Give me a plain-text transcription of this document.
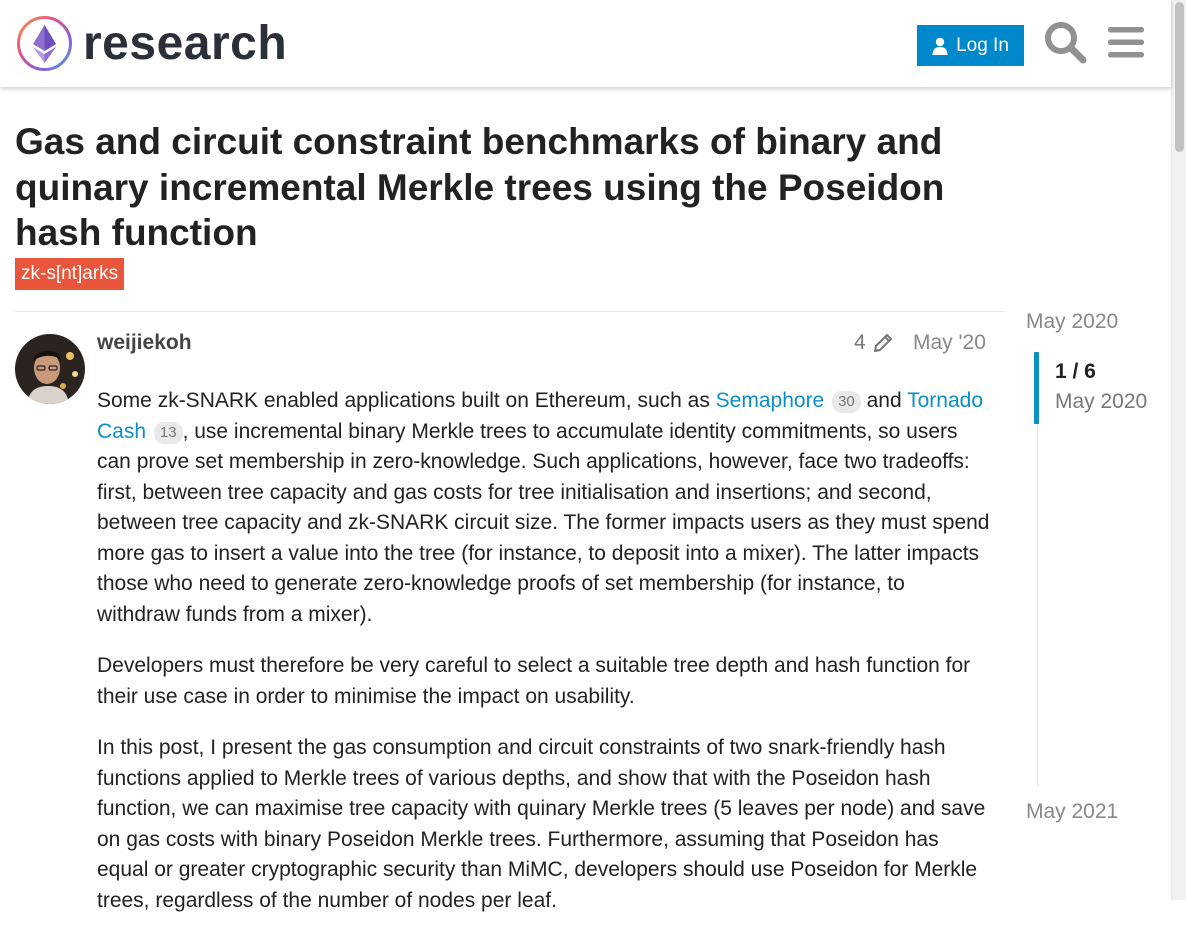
research	Log In
Gas and circuit constraint benchmarks of binary and quinary incremental Merkle trees using the Poseidon hash function
zk-s[nt]arks
weijiekoh	4 May '20

Some zk-SNARK enabled applications built on Ethereum, such as Semaphore 30 and Tornado Cash 13 , use incremental binary Merkle trees to accumulate identity commitments, so users can prove set membership in zero-knowledge. Such applications, however, face two tradeoffs: first, between tree capacity and gas costs for tree initialisation and insertions; and second, between tree capacity and zk-SNARK circuit size. The former impacts users as they must spend more gas to insert a value into the tree (for instance, to deposit into a mixer). The latter impacts those who need to generate zero-knowledge proofs of set membership (for instance, to withdraw funds from a mixer).

Developers must therefore be very careful to select a suitable tree depth and hash function for their use case in order to minimise the impact on usability.

In this post, I present the gas consumption and circuit constraints of two snark-friendly hash functions applied to Merkle trees of various depths, and show that with the Poseidon hash function, we can maximise tree capacity with quinary Merkle trees (5 leaves per node) and save on gas costs with binary Poseidon Merkle trees. Furthermore, assuming that Poseidon has equal or greater cryptographic security than MiMC, developers should use Poseidon for Merkle trees, regardless of the number of nodes per leaf.

May 2020
1 / 6
May 2020
May 2021
